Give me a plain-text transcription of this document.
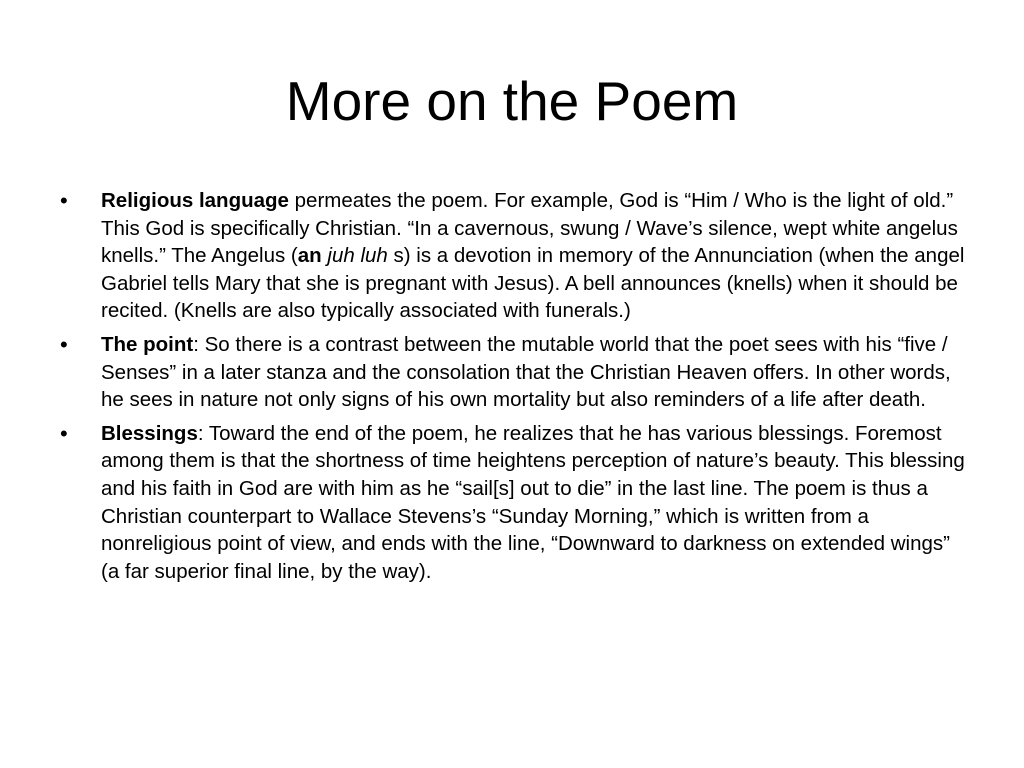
More on the Poem
•	Religious language permeates the poem. For example, God is “Him / Who is the light of old.” This God is specifically Christian. “In a cavernous, swung / Wave’s silence, wept white angelus knells.” The Angelus (an juh luh s) is a devotion in memory of the Annunciation (when the angel Gabriel tells Mary that she is pregnant with Jesus). A bell announces (knells) when it should be recited. (Knells are also typically associated with funerals.)
•	The point: So there is a contrast between the mutable world that the poet sees with his “five / Senses” in a later stanza and the consolation that the Christian Heaven offers. In other words, he sees in nature not only signs of his own mortality but also reminders of a life after death.
•	Blessings: Toward the end of the poem, he realizes that he has various blessings. Foremost among them is that the shortness of time heightens perception of nature’s beauty. This blessing and his faith in God are with him as he “sail[s] out to die” in the last line. The poem is thus a Christian counterpart to Wallace Stevens’s “Sunday Morning,” which is written from a nonreligious point of view, and ends with the line, “Downward to darkness on extended wings” (a far superior final line, by the way).
